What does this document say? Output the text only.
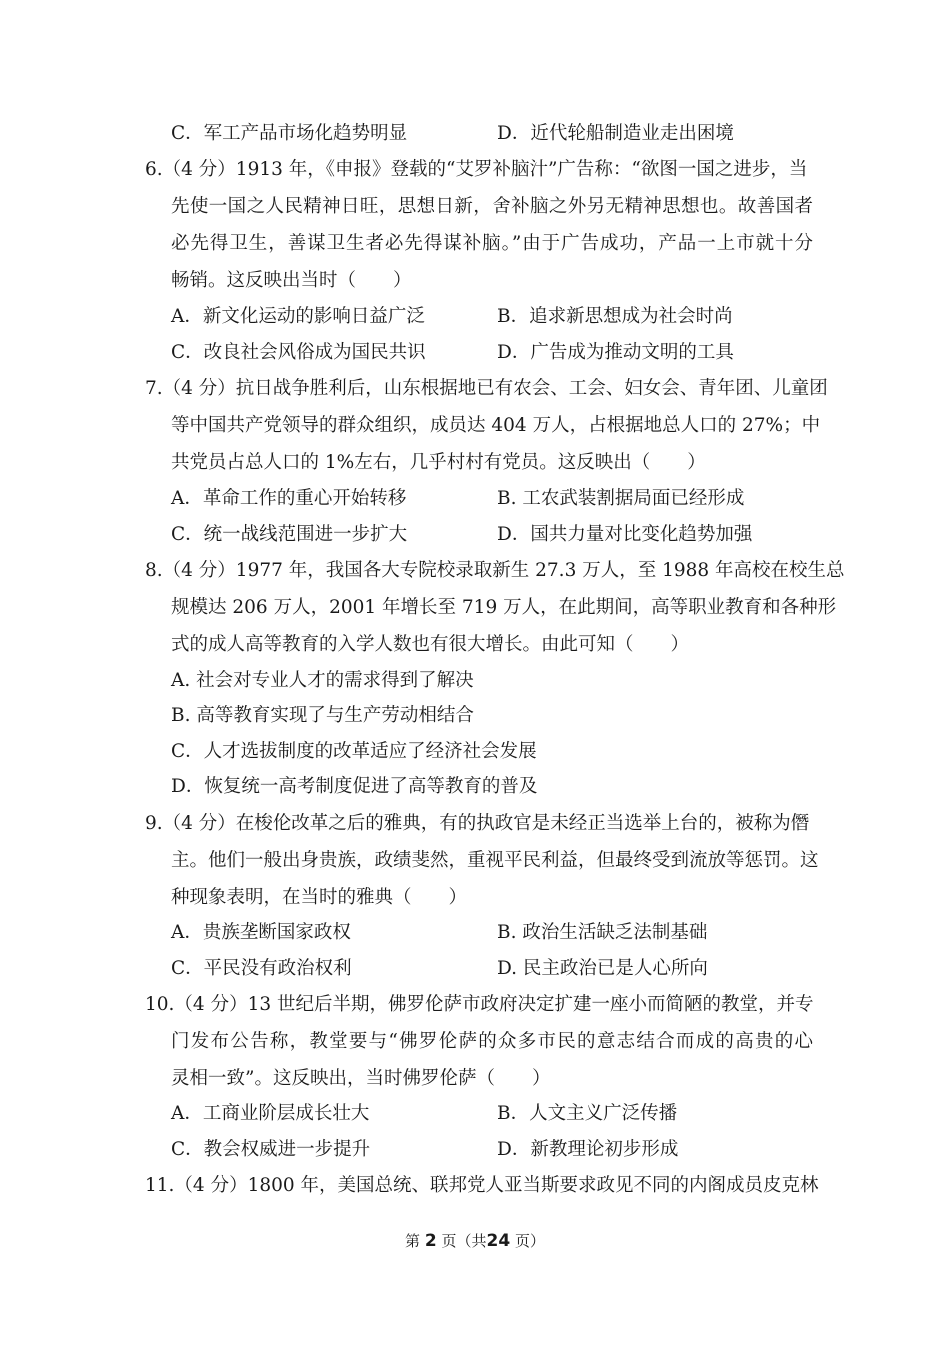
C．军工产品市场化趋势明显	D．近代轮船制造业走出困境
6.（4 分）1913 年，《申报》登载的“艾罗补脑汁”广告称：“欲图一国之进步，当
先使一国之人民精神日旺，思想日新，舍补脑之外另无精神思想也。故善国者
必先得卫生，善谋卫生者必先得谋补脑。”由于广告成功，产品一上市就十分
畅销。这反映出当时（　　）
A．新文化运动的影响日益广泛	B．追求新思想成为社会时尚
C．改良社会风俗成为国民共识	D．广告成为推动文明的工具
7.（4 分）抗日战争胜利后，山东根据地已有农会、工会、妇女会、青年团、儿童团
等中国共产党领导的群众组织，成员达 404 万人，占根据地总人口的 27%；中
共党员占总人口的 1%左右，几乎村村有党员。这反映出（　　）
A．革命工作的重心开始转移	B. 工农武装割据局面已经形成
C．统一战线范围进一步扩大	D．国共力量对比变化趋势加强
8.（4 分）1977 年，我国各大专院校录取新生 27.3 万人，至 1988 年高校在校生总
规模达 206 万人，2001 年增长至 719 万人，在此期间，高等职业教育和各种形
式的成人高等教育的入学人数也有很大增长。由此可知（　　）
A. 社会对专业人才的需求得到了解决
B. 高等教育实现了与生产劳动相结合
C．人才选拔制度的改革适应了经济社会发展
D．恢复统一高考制度促进了高等教育的普及
9.（4 分）在梭伦改革之后的雅典，有的执政官是未经正当选举上台的，被称为僭
主。他们一般出身贵族，政绩斐然，重视平民利益，但最终受到流放等惩罚。这
种现象表明，在当时的雅典（　　）
A．贵族垄断国家政权	B. 政治生活缺乏法制基础
C．平民没有政治权利	D. 民主政治已是人心所向
10.（4 分）13 世纪后半期，佛罗伦萨市政府决定扩建一座小而简陋的教堂，并专
门发布公告称，教堂要与“佛罗伦萨的众多市民的意志结合而成的高贵的心
灵相一致”。这反映出，当时佛罗伦萨（　　）
A．工商业阶层成长壮大	B．人文主义广泛传播
C．教会权威进一步提升	D．新教理论初步形成
11.（4 分）1800 年，美国总统、联邦党人亚当斯要求政见不同的内阁成员皮克林
第 2 页（共24 页）
